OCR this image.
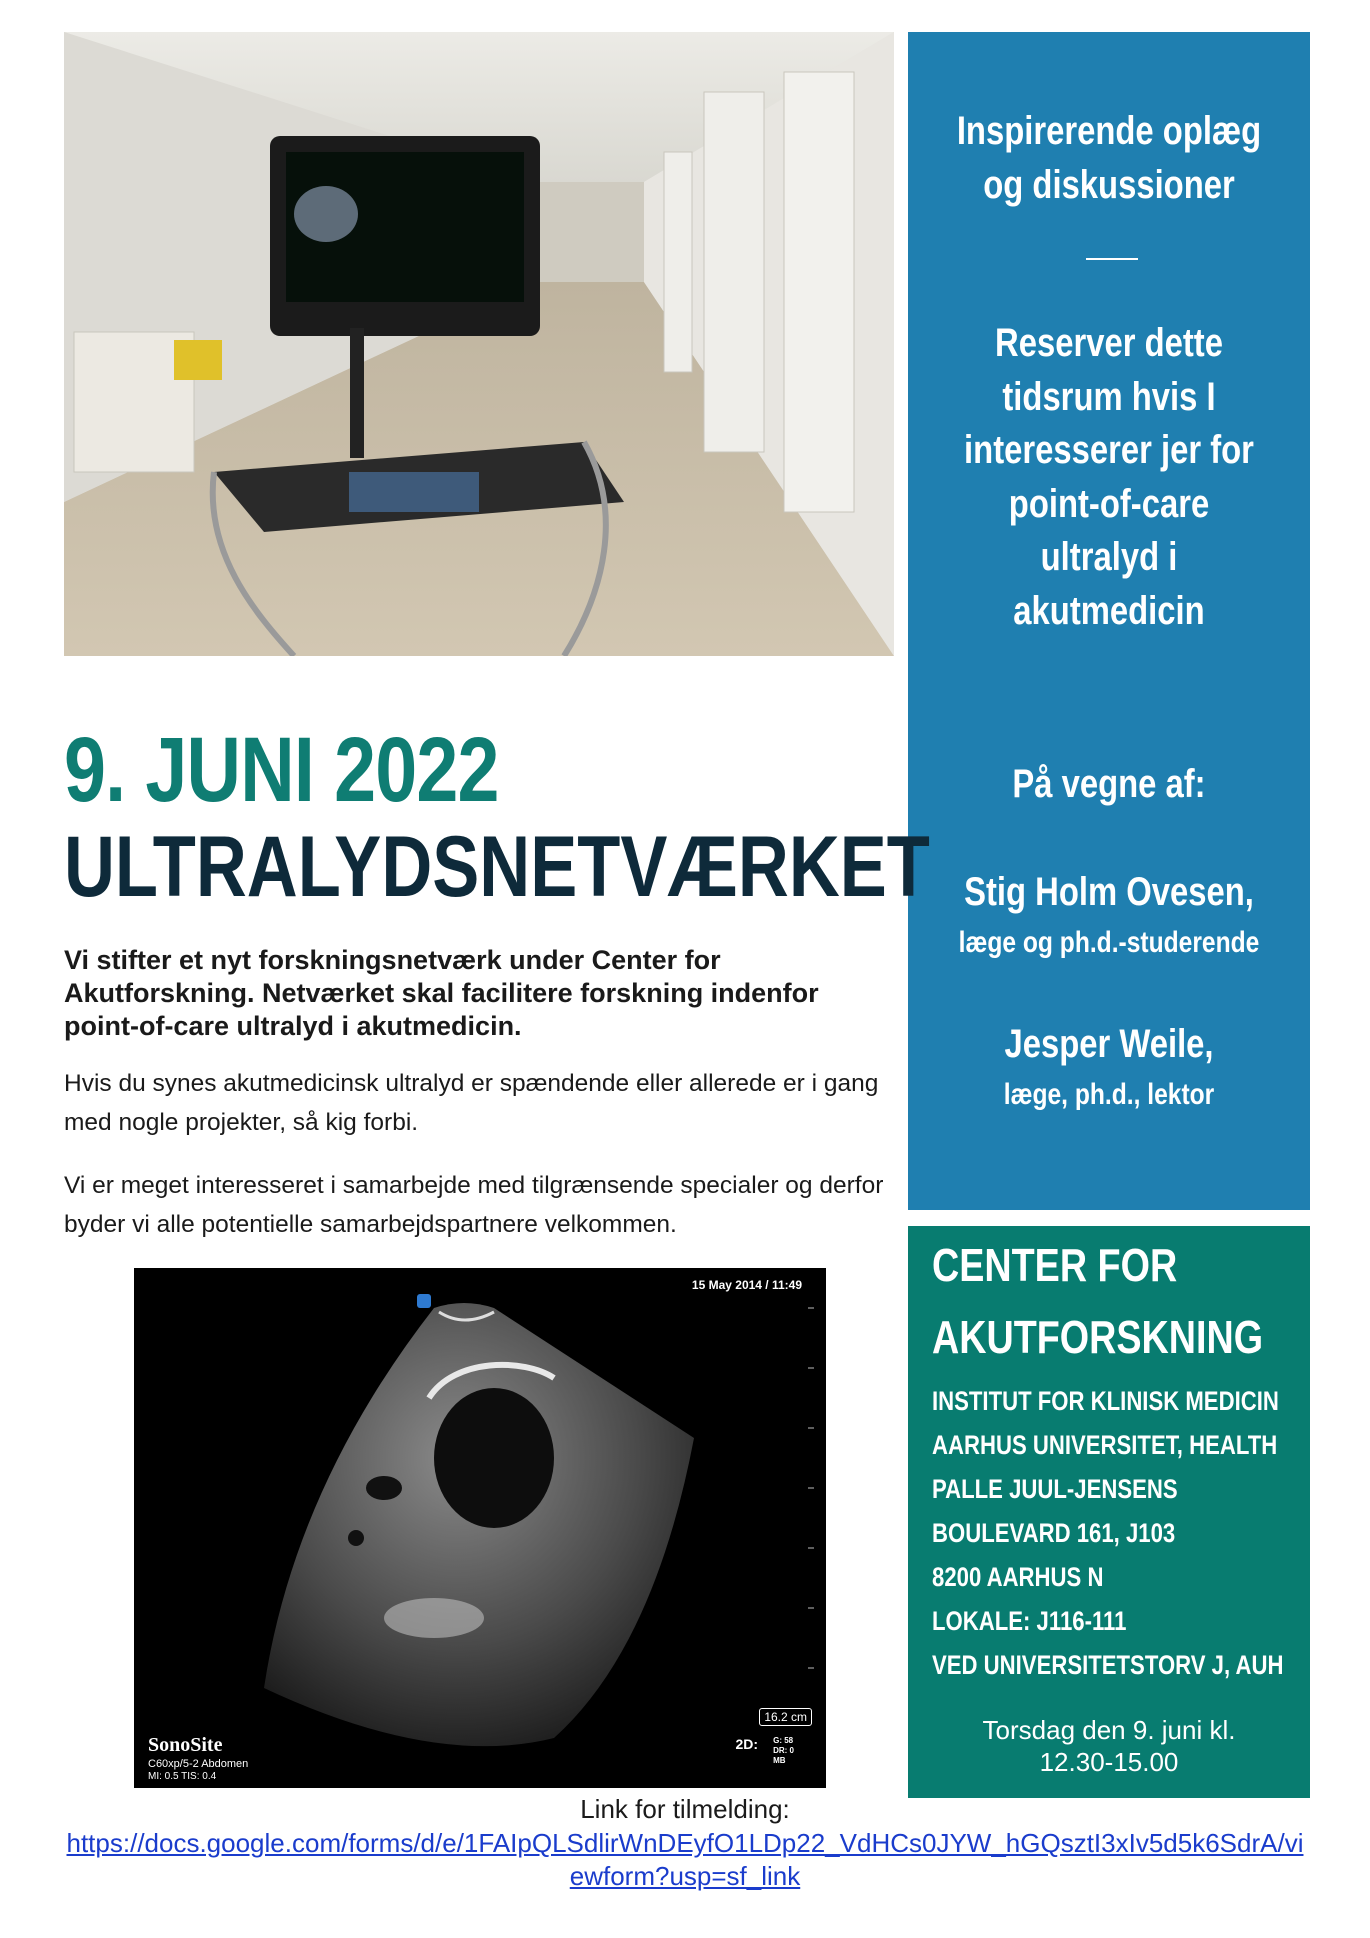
Inspirerende oplæg
og diskussioner
Reserver dette
tidsrum hvis I
interesserer jer for
point-of-care
ultralyd i
akutmedicin
På vegne af:
Stig Holm Ovesen,
læge og ph.d.-studerende
Jesper Weile,
læge, ph.d., lektor
CENTER FOR
AKUTFORSKNING
INSTITUT FOR KLINISK MEDICIN
AARHUS UNIVERSITET, HEALTH
PALLE JUUL-JENSENS
BOULEVARD 161, J103
8200 AARHUS N
LOKALE: J116-111
VED UNIVERSITETSTORV J, AUH
Torsdag den 9. juni kl.
12.30-15.00
9. JUNI 2022
ULTRALYDSNETVÆRKET
Vi stifter et nyt forskningsnetværk under Center for Akutforskning. Netværket skal facilitere forskning indenfor point-of-care ultralyd i akutmedicin.
Hvis du synes akutmedicinsk ultralyd er spændende eller allerede er i gang med nogle projekter, så kig forbi.
Vi er meget interesseret i samarbejde med tilgrænsende specialer og derfor byder vi alle potentielle samarbejdspartnere velkommen.
15 May 2014 / 11:49
16.2 cm
2D: G: 58
DR: 0
MB
SonoSite
C60xp/5-2 Abdomen
MI: 0.5 TIS: 0.4
Link for tilmelding:
https://docs.google.com/forms/d/e/1FAIpQLSdlirWnDEyfO1LDp22_VdHCs0JYW_hGQsztI3xIv5d5k6SdrA/viewform?usp=sf_link
